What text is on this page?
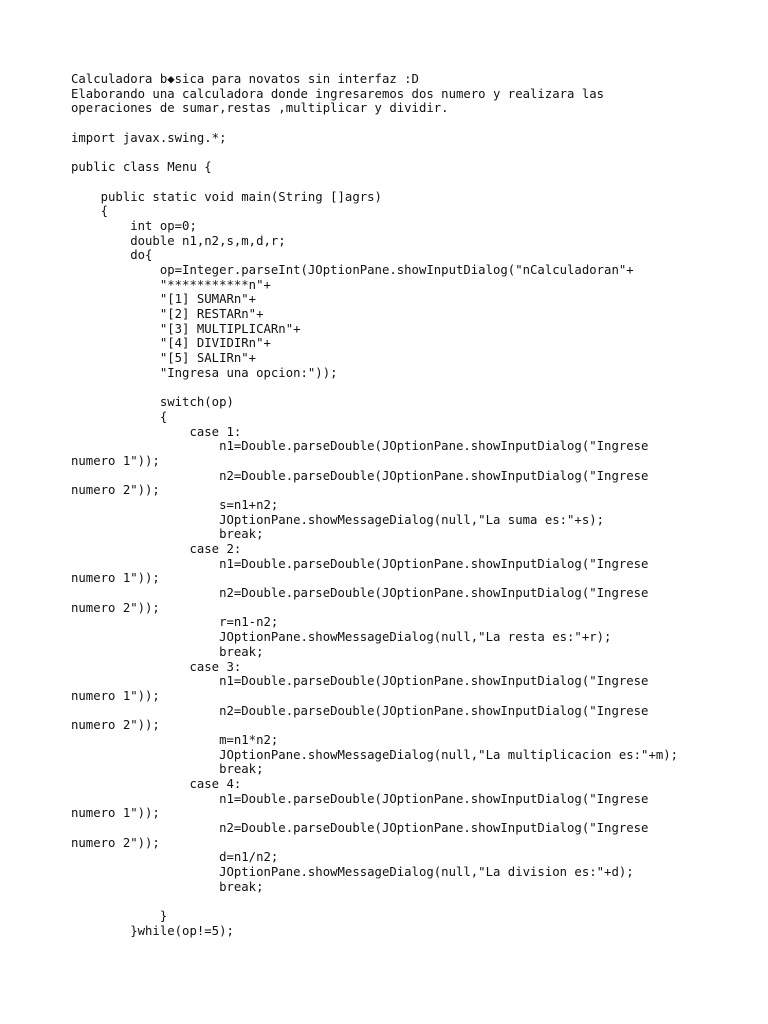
Calculadora b◆sica para novatos sin interfaz :D
Elaborando una calculadora donde ingresaremos dos numero y realizara las
operaciones de sumar,restas ,multiplicar y dividir.
import javax.swing.*;
public class Menu {
public static void main(String []agrs)
{
int op=0;
double n1,n2,s,m,d,r;
do{
op=Integer.parseInt(JOptionPane.showInputDialog("nCalculadoran"+
"***********n"+
"[1] SUMARn"+
"[2] RESTARn"+
"[3] MULTIPLICARn"+
"[4] DIVIDIRn"+
"[5] SALIRn"+
"Ingresa una opcion:"));
switch(op)
{
case 1:
n1=Double.parseDouble(JOptionPane.showInputDialog("Ingrese
numero 1"));
n2=Double.parseDouble(JOptionPane.showInputDialog("Ingrese
numero 2"));
s=n1+n2;
JOptionPane.showMessageDialog(null,"La suma es:"+s);
break;
case 2:
n1=Double.parseDouble(JOptionPane.showInputDialog("Ingrese
numero 1"));
n2=Double.parseDouble(JOptionPane.showInputDialog("Ingrese
numero 2"));
r=n1-n2;
JOptionPane.showMessageDialog(null,"La resta es:"+r);
break;
case 3:
n1=Double.parseDouble(JOptionPane.showInputDialog("Ingrese
numero 1"));
n2=Double.parseDouble(JOptionPane.showInputDialog("Ingrese
numero 2"));
m=n1*n2;
JOptionPane.showMessageDialog(null,"La multiplicacion es:"+m);
break;
case 4:
n1=Double.parseDouble(JOptionPane.showInputDialog("Ingrese
numero 1"));
n2=Double.parseDouble(JOptionPane.showInputDialog("Ingrese
numero 2"));
d=n1/n2;
JOptionPane.showMessageDialog(null,"La division es:"+d);
break;
}
}while(op!=5);
